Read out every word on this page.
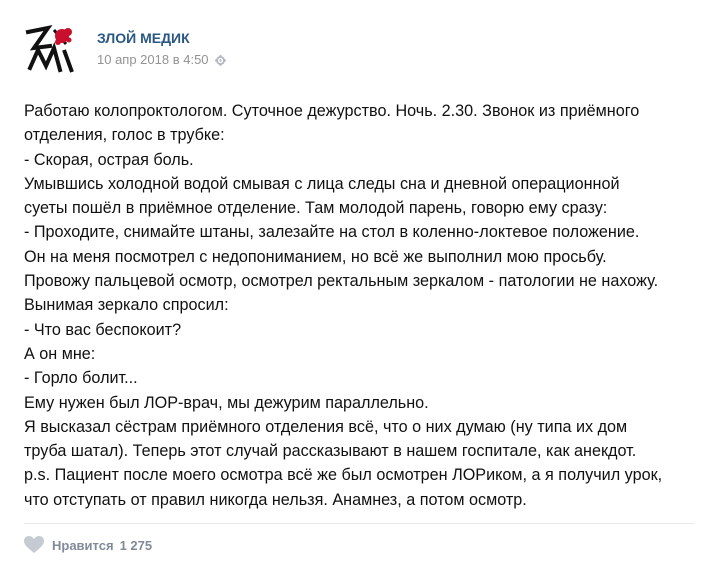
ЗЛОЙ МЕДИК
10 апр 2018 в 4:50
Работаю колопроктологом. Суточное дежурство. Ночь. 2.30. Звонок из приёмного
отделения, голос в трубке:
- Скорая, острая боль.
Умывшись холодной водой смывая с лица следы сна и дневной операционной
суеты пошёл в приёмное отделение. Там молодой парень, говорю ему сразу:
- Проходите, снимайте штаны, залезайте на стол в коленно-локтевое положение.
Он на меня посмотрел с недопониманием, но всё же выполнил мою просьбу.
Провожу пальцевой осмотр, осмотрел ректальным зеркалом - патологии не нахожу.
Вынимая зеркало спросил:
- Что вас беспокоит?
А он мне:
- Горло болит...
Ему нужен был ЛОР-врач, мы дежурим параллельно.
Я высказал сёстрам приёмного отделения всё, что о них думаю (ну типа их дом
труба шатал). Теперь этот случай рассказывают в нашем госпитале, как анекдот.
p.s. Пациент после моего осмотра всё же был осмотрен ЛОРиком, а я получил урок,
что отступать от правил никогда нельзя. Анамнез, а потом осмотр.
Нравится 1 275
